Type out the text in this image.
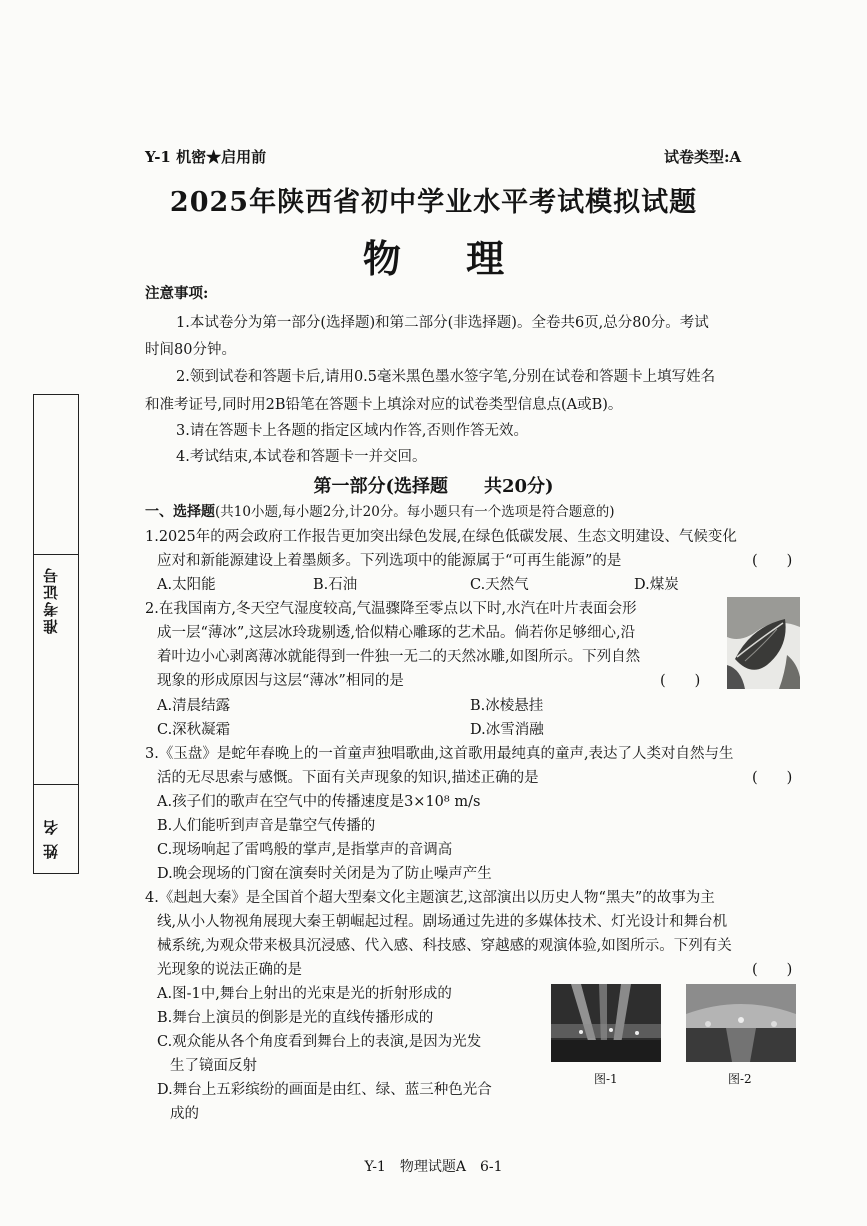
Y-1 机密★启用前	试卷类型:A
2025年陕西省初中学业水平考试模拟试题
物 理
准考证号
姓 名
注意事项:
1.本试卷分为第一部分(选择题)和第二部分(非选择题)。全卷共6页,总分80分。考试
时间80分钟。
2.领到试卷和答题卡后,请用0.5毫米黑色墨水签字笔,分别在试卷和答题卡上填写姓名
和准考证号,同时用2B铅笔在答题卡上填涂对应的试卷类型信息点(A或B)。
3.请在答题卡上各题的指定区域内作答,否则作答无效。
4.考试结束,本试卷和答题卡一并交回。
第一部分(选择题　　共20分)
一、选择题(共10小题,每小题2分,计20分。每小题只有一个选项是符合题意的)
1.2025年的两会政府工作报告更加突出绿色发展,在绿色低碳发展、生态文明建设、气候变化
应对和新能源建设上着墨颇多。下列选项中的能源属于“可再生能源”的是	(　　)
A.太阳能	B.石油	C.天然气	D.煤炭
2.在我国南方,冬天空气湿度较高,气温骤降至零点以下时,水汽在叶片表面会形
成一层“薄冰”,这层冰玲珑剔透,恰似精心雕琢的艺术品。倘若你足够细心,沿
着叶边小心剥离薄冰就能得到一件独一无二的天然冰雕,如图所示。下列自然
现象的形成原因与这层“薄冰”相同的是	(　　)
A.清晨结露	B.冰棱悬挂
C.深秋凝霜	D.冰雪消融
3.《玉盘》是蛇年春晚上的一首童声独唱歌曲,这首歌用最纯真的童声,表达了人类对自然与生
活的无尽思索与感慨。下面有关声现象的知识,描述正确的是	(　　)
A.孩子们的歌声在空气中的传播速度是3×10⁸ m/s
B.人们能听到声音是靠空气传播的
C.现场响起了雷鸣般的掌声,是指掌声的音调高
D.晚会现场的门窗在演奏时关闭是为了防止噪声产生
4.《赳赳大秦》是全国首个超大型秦文化主题演艺,这部演出以历史人物“黑夫”的故事为主
线,从小人物视角展现大秦王朝崛起过程。剧场通过先进的多媒体技术、灯光设计和舞台机
械系统,为观众带来极具沉浸感、代入感、科技感、穿越感的观演体验,如图所示。下列有关
光现象的说法正确的是	(　　)
A.图-1中,舞台上射出的光束是光的折射形成的
B.舞台上演员的倒影是光的直线传播形成的
C.观众能从各个角度看到舞台上的表演,是因为光发
生了镜面反射
D.舞台上五彩缤纷的画面是由红、绿、蓝三种色光合
成的
图-1	图-2
Y-1　物理试题A　6-1
